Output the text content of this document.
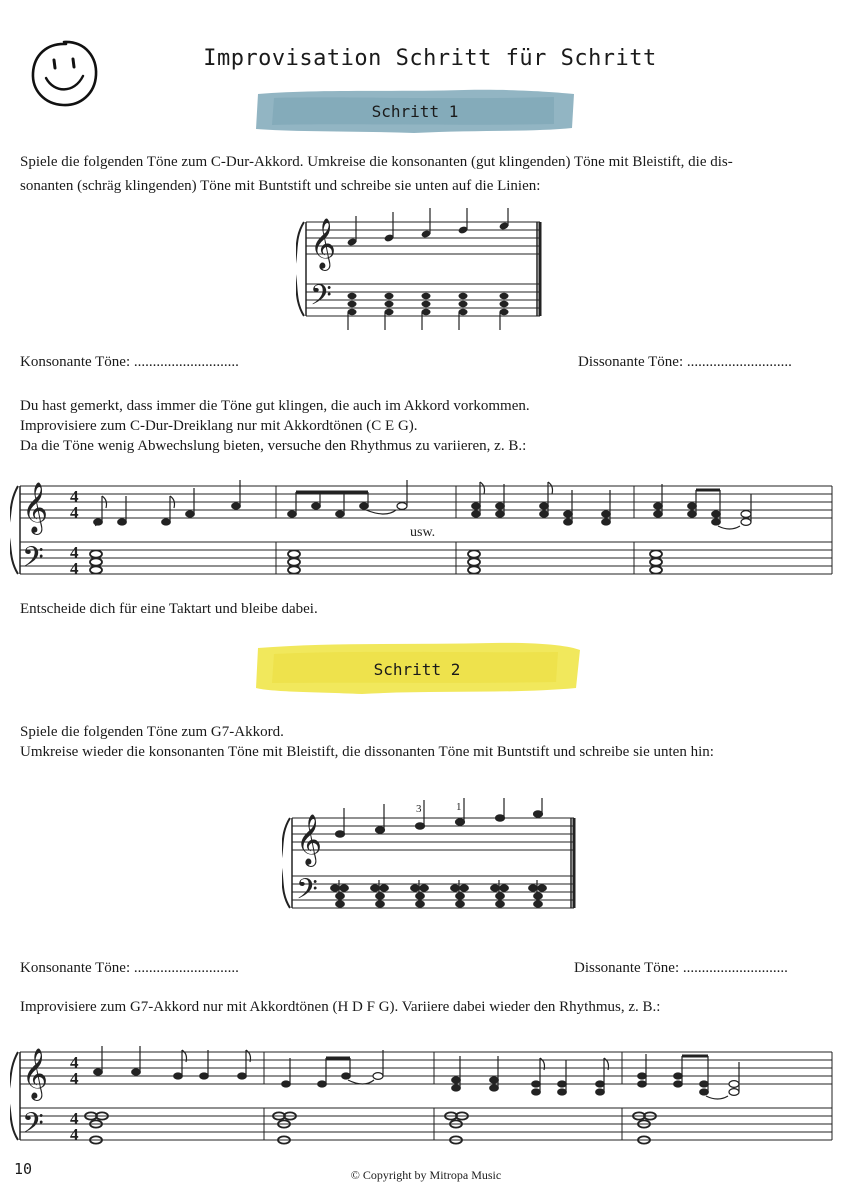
Improvisation Schritt für Schritt
Schritt 1
Spiele die folgenden Töne zum C-Dur-Akkord. Umkreise die konsonanten (gut klingenden) Töne mit Bleistift, die dis-
sonanten (schräg klingenden) Töne mit Buntstift und schreibe sie unten auf die Linien:
𝄞
𝄢
Konsonante Töne: ............................	Dissonante Töne: ............................
Du hast gemerkt, dass immer die Töne gut klingen, die auch im Akkord vorkommen.
Improvisiere zum C-Dur-Dreiklang nur mit Akkordtönen (C E G).
Da die Töne wenig Abwechslung bieten, versuche den Rhythmus zu variieren, z. B.:
𝄞
𝄢
4
4
4
4
usw.
Entscheide dich für eine Taktart und bleibe dabei.
Schritt 2
Spiele die folgenden Töne zum G7-Akkord.
Umkreise wieder die konsonanten Töne mit Bleistift, die dissonanten Töne mit Buntstift und schreibe sie unten hin:
𝄞
𝄢
3	1
Konsonante Töne: ............................	Dissonante Töne: ............................
Improvisiere zum G7-Akkord nur mit Akkordtönen (H D F G). Variiere dabei wieder den Rhythmus, z. B.:
𝄞
𝄢
4
4
4
4
10	© Copyright by Mitropa Music
